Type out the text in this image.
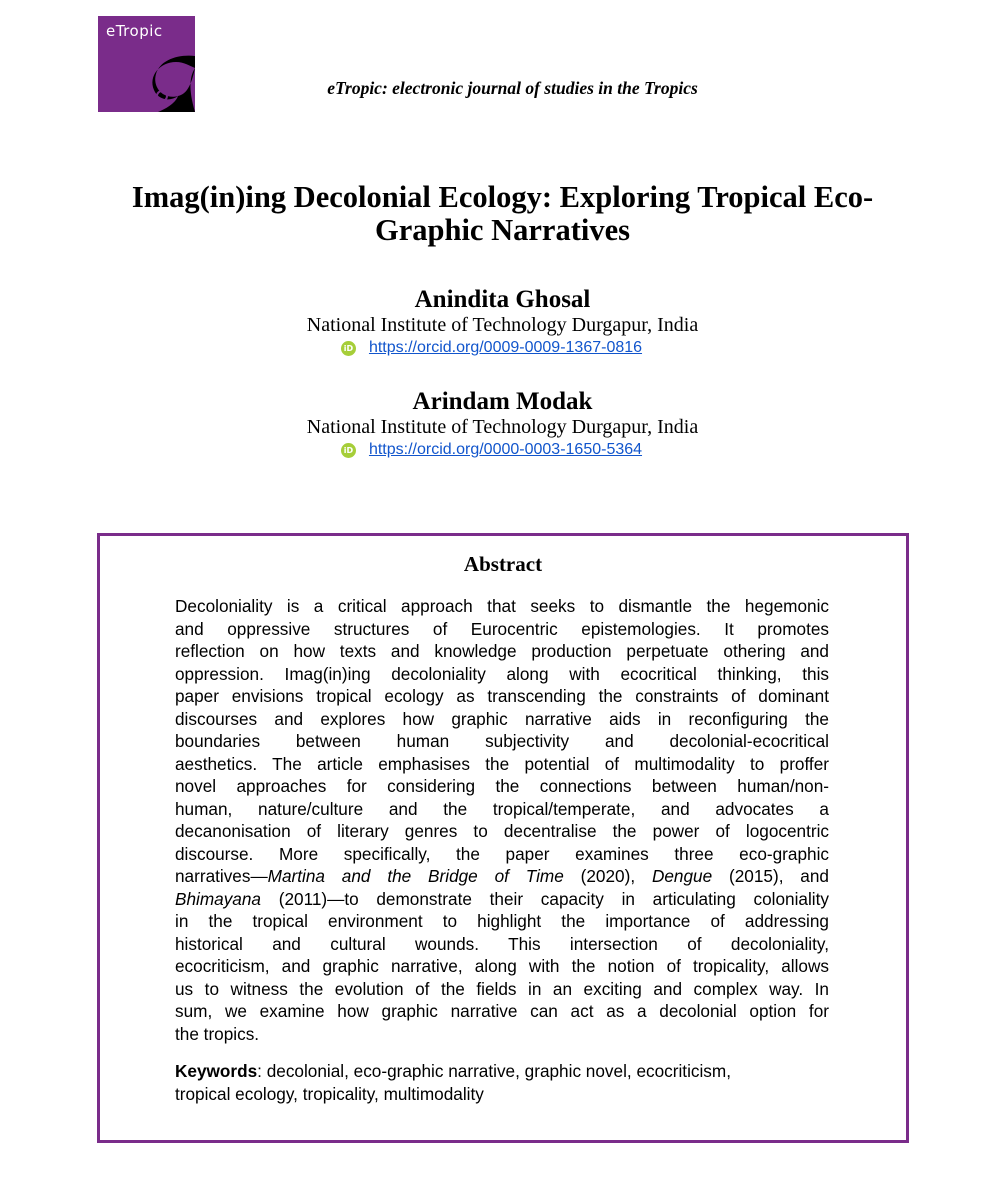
eTropic
eTropic: electronic journal of studies in the Tropics
Imag(in)ing Decolonial Ecology: Exploring Tropical Eco-Graphic Narratives
Anindita Ghosal
National Institute of Technology Durgapur, India
iD https://orcid.org/0009-0009-1367-0816
Arindam Modak
National Institute of Technology Durgapur, India
iD https://orcid.org/0000-0003-1650-5364
Abstract
Decoloniality is a critical approach that seeks to dismantle the hegemonic
and oppressive structures of Eurocentric epistemologies. It promotes
reflection on how texts and knowledge production perpetuate othering and
oppression. Imag(in)ing decoloniality along with ecocritical thinking, this
paper envisions tropical ecology as transcending the constraints of dominant
discourses and explores how graphic narrative aids in reconfiguring the
boundaries between human subjectivity and decolonial-ecocritical
aesthetics. The article emphasises the potential of multimodality to proffer
novel approaches for considering the connections between human/non-
human, nature/culture and the tropical/temperate, and advocates a
decanonisation of literary genres to decentralise the power of logocentric
discourse. More specifically, the paper examines three eco-graphic
narratives—Martina and the Bridge of Time (2020), Dengue (2015), and
Bhimayana (2011)—to demonstrate their capacity in articulating coloniality
in the tropical environment to highlight the importance of addressing
historical and cultural wounds. This intersection of decoloniality,
ecocriticism, and graphic narrative, along with the notion of tropicality, allows
us to witness the evolution of the fields in an exciting and complex way. In
sum, we examine how graphic narrative can act as a decolonial option for
the tropics.
Keywords: decolonial, eco-graphic narrative, graphic novel, ecocriticism,
tropical ecology, tropicality, multimodality
